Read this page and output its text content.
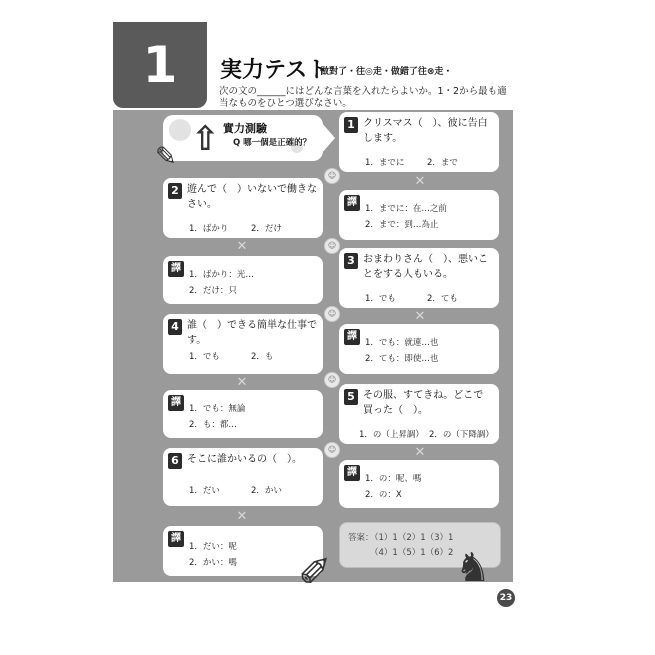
1	実力テスト
做對了・往◎走・做錯了往⊗走・
次の文の______にはどんな言葉を入れたらよいか。1・2から最も適当なものをひとつ選びなさい。
⇧ 實力測驗
Q 哪一個是正確的？
✎
1 クリスマス（　）、彼に告白します。
1．までに	2．まで
☺	✕
2 遊んで（　）いないで働きなさい。
1．ばかり	2．だけ
譯
1．までに：在…之前
2．まで：到…為止
✕	☺
譯
1．ばかり：光…
2．だけ：只
3 おまわりさん（　）、悪いことをする人もいる。
1．でも	2．ても
☺	✕
4 誰（　）できる簡単な仕事です。
1．でも	2．も
譯
1．でも：就連…也
2．ても：即使…也
✕	☺
譯
1．でも：無論
2．も：都…
5 その服、すてきね。どこで買った（　）。
1．の（上昇調） 2．の（下降調）
☺	✕
6 そこに誰かいるの（　）。
1．だい	2．かい
譯
1．の：呢、嗎
2．の：X
✕
譯
1．だい：呢
2．かい：嗎
答案：
（1）1（2）1（3）1
（4）1（5）1（6）2
✐	♞
23
